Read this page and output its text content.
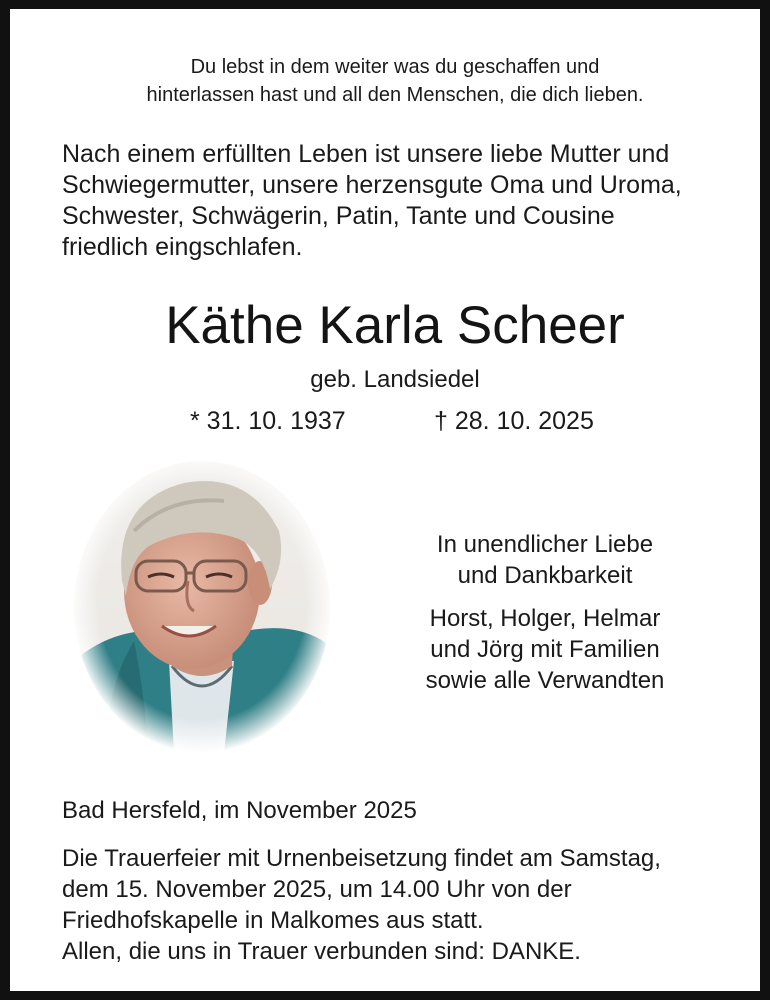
Du lebst in dem weiter was du geschaffen und
hinterlassen hast und all den Menschen, die dich lieben.
Nach einem erfüllten Leben ist unsere liebe Mutter und
Schwiegermutter, unsere herzensgute Oma und Uroma,
Schwester, Schwägerin, Patin, Tante und Cousine
friedlich eingschlafen.
Käthe Karla Scheer
geb. Landsiedel
* 31. 10. 1937	† 28. 10. 2025
In unendlicher Liebe
und Dankbarkeit
Horst, Holger, Helmar
und Jörg mit Familien
sowie alle Verwandten
Bad Hersfeld, im November 2025
Die Trauerfeier mit Urnenbeisetzung findet am Samstag,
dem 15. November 2025, um 14.00 Uhr von der
Friedhofskapelle in Malkomes aus statt.
Allen, die uns in Trauer verbunden sind: DANKE.
